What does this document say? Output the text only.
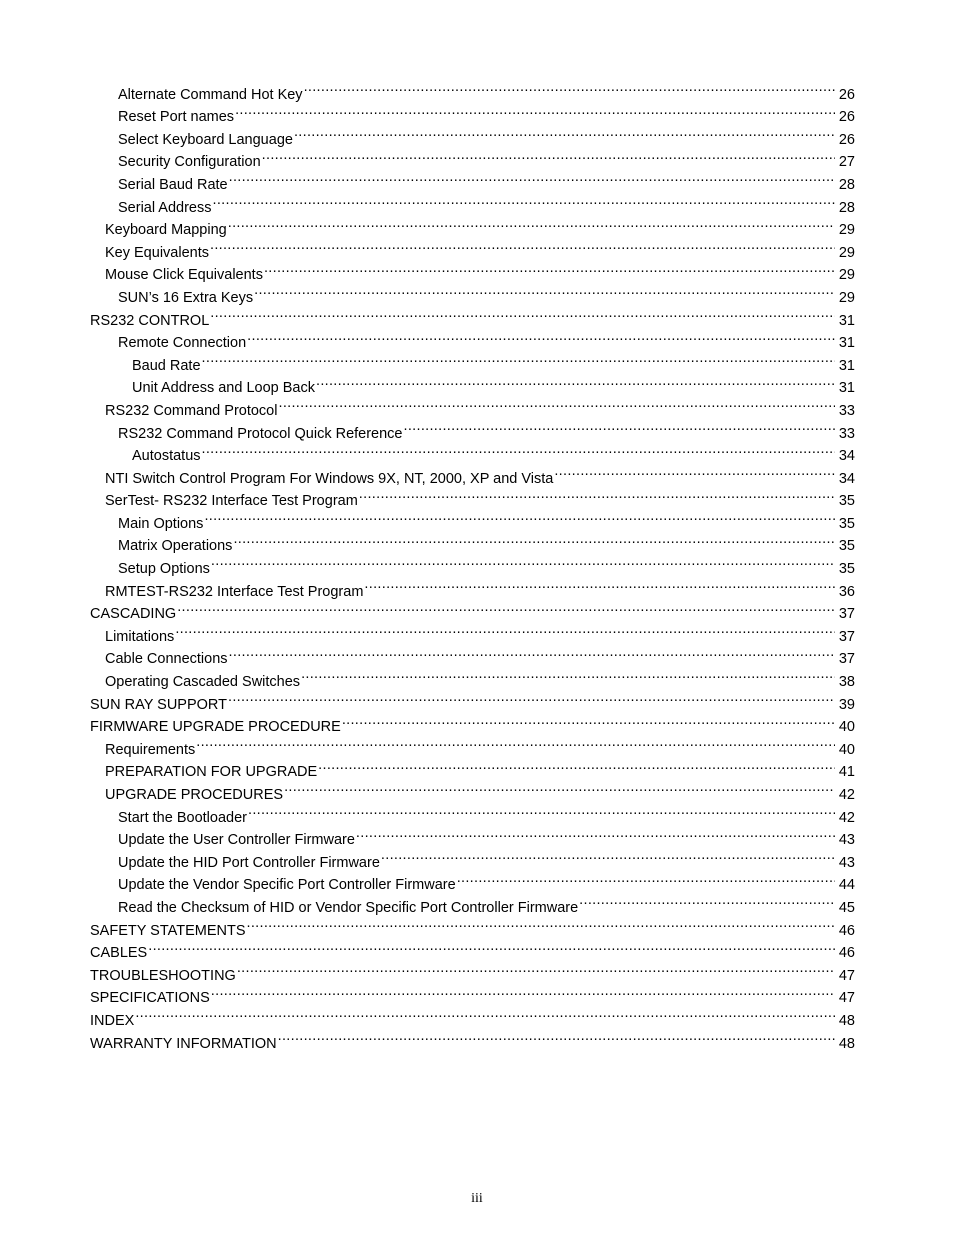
Alternate Command Hot Key .....	26
Reset Port names .....	26
Select Keyboard Language .....	26
Security Configuration .....	27
Serial Baud Rate .....	28
Serial Address .....	28
Keyboard Mapping .....	29
Key Equivalents .....	29
Mouse Click Equivalents .....	29
SUN’s 16 Extra Keys .....	29
RS232 CONTROL .....	31
Remote Connection .....	31
Baud Rate .....	31
Unit Address and Loop Back .....	31
RS232 Command Protocol .....	33
RS232 Command Protocol Quick Reference .....	33
Autostatus .....	34
NTI Switch Control Program For Windows 9X, NT, 2000, XP and Vista .....	34
SerTest- RS232 Interface Test Program .....	35
Main Options .....	35
Matrix Operations .....	35
Setup Options .....	35
RMTEST-RS232 Interface Test Program .....	36
CASCADING .....	37
Limitations .....	37
Cable Connections .....	37
Operating Cascaded Switches .....	38
SUN RAY SUPPORT .....	39
FIRMWARE UPGRADE PROCEDURE .....	40
Requirements .....	40
PREPARATION FOR UPGRADE .....	41
UPGRADE PROCEDURES .....	42
Start the Bootloader .....	42
Update the User Controller Firmware .....	43
Update the HID Port Controller Firmware .....	43
Update the Vendor Specific Port Controller Firmware .....	44
Read the Checksum of HID or Vendor Specific Port Controller Firmware .....	45
SAFETY STATEMENTS .....	46
CABLES .....	46
TROUBLESHOOTING .....	47
SPECIFICATIONS .....	47
INDEX .....	48
WARRANTY INFORMATION .....	48
iii
